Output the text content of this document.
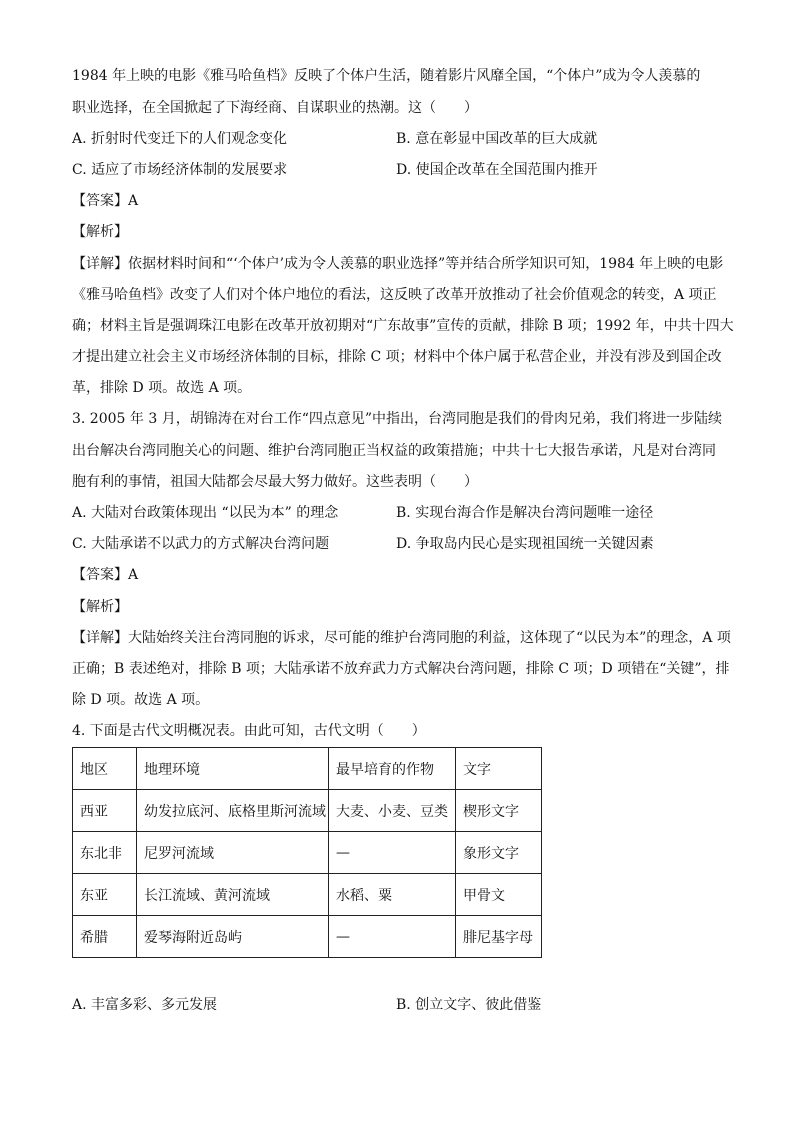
1984 年上映的电影《雅马哈鱼档》反映了个体户生活，随着影片风靡全国，“个体户”成为令人羡慕的
职业选择，在全国掀起了下海经商、自谋职业的热潮。这（　　）
A. 折射时代变迁下的人们观念变化	B. 意在彰显中国改革的巨大成就
C. 适应了市场经济体制的发展要求	D. 使国企改革在全国范围内推开
【答案】A
【解析】
【详解】依据材料时间和“‘个体户’成为令人羡慕的职业选择”等并结合所学知识可知，1984 年上映的电影
《雅马哈鱼档》改变了人们对个体户地位的看法，这反映了改革开放推动了社会价值观念的转变，A 项正
确；材料主旨是强调珠江电影在改革开放初期对“广东故事”宣传的贡献，排除 B 项；1992 年，中共十四大
才提出建立社会主义市场经济体制的目标，排除 C 项；材料中个体户属于私营企业，并没有涉及到国企改
革，排除 D 项。故选 A 项。
3. 2005 年 3 月，胡锦涛在对台工作“四点意见”中指出，台湾同胞是我们的骨肉兄弟，我们将进一步陆续
出台解决台湾同胞关心的问题、维护台湾同胞正当权益的政策措施；中共十七大报告承诺，凡是对台湾同
胞有利的事情，祖国大陆都会尽最大努力做好。这些表明（　　）
A. 大陆对台政策体现出 “以民为本” 的理念	B. 实现台海合作是解决台湾问题唯一途径
C. 大陆承诺不以武力的方式解决台湾问题	D. 争取岛内民心是实现祖国统一关键因素
【答案】A
【解析】
【详解】大陆始终关注台湾同胞的诉求，尽可能的维护台湾同胞的利益，这体现了“以民为本”的理念，A 项
正确；B 表述绝对，排除 B 项；大陆承诺不放弃武力方式解决台湾问题，排除 C 项；D 项错在“关键”，排
除 D 项。故选 A 项。
4. 下面是古代文明概况表。由此可知，古代文明（　　）
地区	地理环境	最早培育的作物	文字
西亚	幼发拉底河、底格里斯河流域	大麦、小麦、豆类	楔形文字
东北非	尼罗河流域	—	象形文字
东亚	长江流域、黄河流域	水稻、粟	甲骨文
希腊	爱琴海附近岛屿	—	腓尼基字母
A. 丰富多彩、多元发展	B. 创立文字、彼此借鉴
